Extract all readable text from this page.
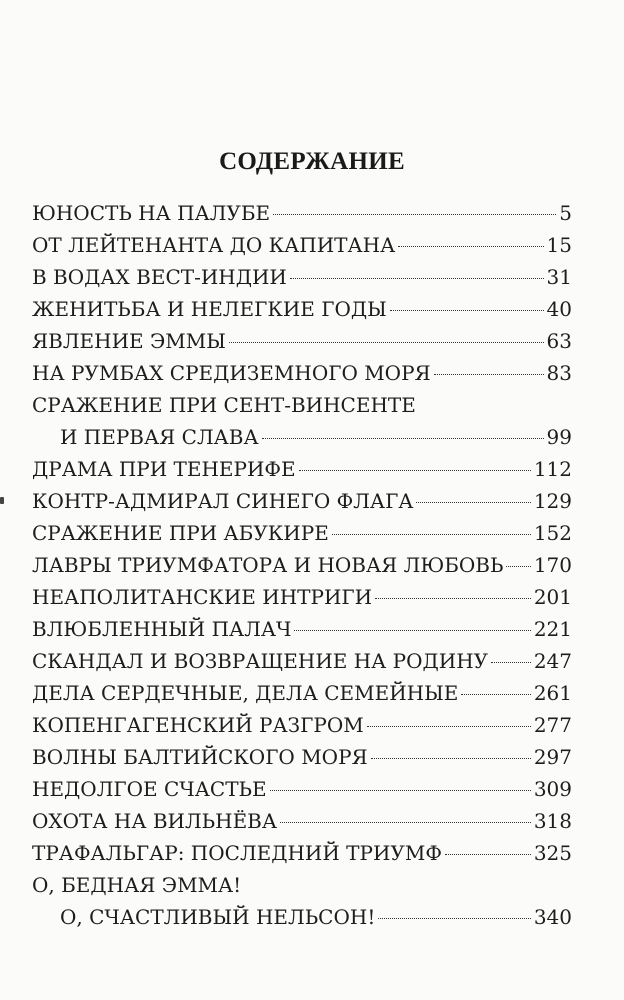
СОДЕРЖАНИЕ
ЮНОСТЬ НА ПАЛУБЕ	5
ОТ ЛЕЙТЕНАНТА ДО КАПИТАНА	15
В ВОДАХ ВЕСТ-ИНДИИ	31
ЖЕНИТЬБА И НЕЛЕГКИЕ ГОДЫ	40
ЯВЛЕНИЕ ЭММЫ	63
НА РУМБАХ СРЕДИЗЕМНОГО МОРЯ	83
СРАЖЕНИЕ ПРИ СЕНТ-ВИНСЕНТЕ
И ПЕРВАЯ СЛАВА	99
ДРАМА ПРИ ТЕНЕРИФЕ	112
КОНТР-АДМИРАЛ СИНЕГО ФЛАГА	129
СРАЖЕНИЕ ПРИ АБУКИРЕ	152
ЛАВРЫ ТРИУМФАТОРА И НОВАЯ ЛЮБОВЬ 170
НЕАПОЛИТАНСКИЕ ИНТРИГИ	201
ВЛЮБЛЕННЫЙ ПАЛАЧ	221
СКАНДАЛ И ВОЗВРАЩЕНИЕ НА РОДИНУ 247
ДЕЛА СЕРДЕЧНЫЕ, ДЕЛА СЕМЕЙНЫЕ	261
КОПЕНГАГЕНСКИЙ РАЗГРОМ	277
ВОЛНЫ БАЛТИЙСКОГО МОРЯ	297
НЕДОЛГОЕ СЧАСТЬЕ	309
ОХОТА НА ВИЛЬНЁВА	318
ТРАФАЛЬГАР: ПОСЛЕДНИЙ ТРИУМФ	325
О, БЕДНАЯ ЭММА!
О, СЧАСТЛИВЫЙ НЕЛЬСОН!	340
